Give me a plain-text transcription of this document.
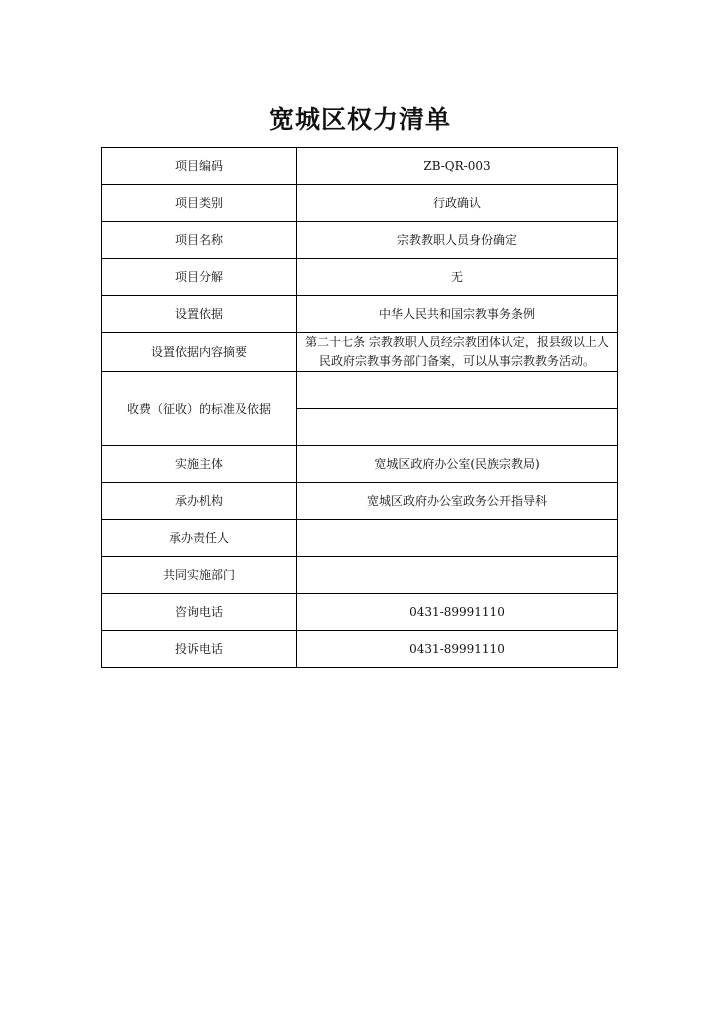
宽城区权力清单
项目编码	ZB-QR-003
项目类别	行政确认
项目名称	宗教教职人员身份确定
项目分解	无
设置依据	中华人民共和国宗教事务条例
设置依据内容摘要	第二十七条 宗教教职人员经宗教团体认定，报县级以上人
民政府宗教事务部门备案，可以从事宗教教务活动。

收费（征收）的标准及依据	

实施主体	宽城区政府办公室(民族宗教局)
承办机构	宽城区政府办公室政务公开指导科
承办责任人	
共同实施部门	
咨询电话	0431-89991110
投诉电话	0431-89991110
